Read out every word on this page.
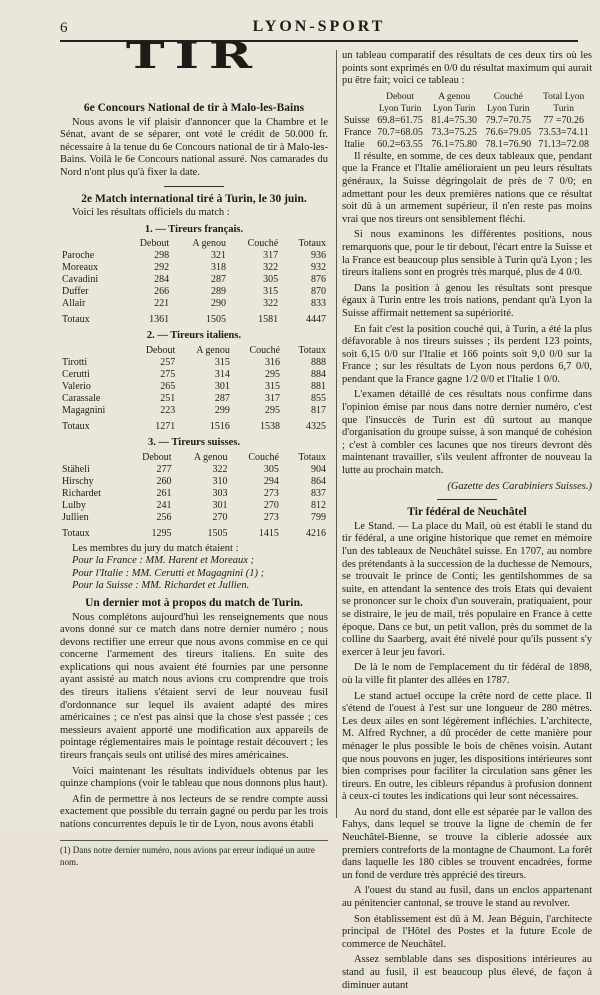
6	LYON-SPORT
TIR
6e Concours National de tir à Malo-les-Bains

Nous avons le vif plaisir d'annoncer que la Chambre et le Sénat, avant de se séparer, ont voté le crédit de 50.000 fr. nécessaire à la tenue du 6e Concours national de tir à Malo-les-Bains. Voilà le 6e Concours national assuré. Nos camarades du Nord n'ont plus qu'à fixer la date.

2e Match international tiré à Turin, le 30 juin.

Voici les résultats officiels du match :

1. — Tireurs français.
	Debout	A genou	Couché	Totaux
Paroche	298	321	317	936
Moreaux	292	318	322	932
Cavadini	284	287	305	876
Duffer	266	289	315	870
Allair	221	290	322	833
Totaux	1361	1505	1581	4447
2. — Tireurs italiens.
	Debout	A genou	Couché	Totaux
Tirotti	257	315	316	888
Cerutti	275	314	295	884
Valerio	265	301	315	881
Carassale	251	287	317	855
Magagnini	223	299	295	817
Totaux	1271	1516	1538	4325
3. — Tireurs suisses.
	Debout	A genou	Couché	Totaux
Stäheli	277	322	305	904
Hirschy	260	310	294	864
Richardet	261	303	273	837
Lulby	241	301	270	812
Jullien	256	270	273	799
Totaux	1295	1505	1415	4216
Les membres du jury du match étaient :
Pour la France : MM. Harent et Moreaux ;
Pour l'Italie : MM. Cerutti et Magagnini (1) ;
Pour la Suisse : MM. Richardet et Jullien.
Un dernier mot à propos du match de Turin.

Nous complétons aujourd'hui les renseignements que nous avons donné sur ce match dans notre dernier numéro ; nous devons rectifier une erreur que nous avons commise en ce qui concerne l'armement des tireurs italiens. En suite des explications qui nous avaient été fournies par une personne ayant assisté au match nous avions cru comprendre que trois des tireurs italiens s'étaient servi de leur nouveau fusil d'ordonnance sur lequel ils avaient adapté des mires américaines ; ce n'est pas ainsi que la chose s'est passée ; ces messieurs avaient apporté une modification aux appareils de pointage réglementaires mais le pointage restait découvert ; les tireurs français seuls ont utilisé des mires américaines.

Voici maintenant les résultats individuels obtenus par les quinze champions (voir le tableau que nous donnons plus haut).

Afin de permettre à nos lecteurs de se rendre compte aussi exactement que possible du terrain gagné ou perdu par les trois nations concurrentes depuis le tir de Lyon, nous avons établi

(1) Dans notre dernier numéro, nous avions par erreur indiqué un autre nom.

un tableau comparatif des résultats de ces deux tirs où les points sont exprimés en 0/0 du résultat maximum qui aurait pu être fait; voici ce tableau :

	Debout Lyon Turin	A genou Lyon Turin	Couché Lyon Turin	Total Lyon Turin
Suisse	69.8=61.75	81.4=75.30	79.7=70.75	77 =70.26
France	70.7=68.05	73.3=75.25	76.6=79.05	73.53=74.11
Italie	60.2=63.55	76.1=75.80	78.1=76.90	71.13=72.08

Il résulte, en somme, de ces deux tableaux que, pendant que la France et l'Italie amélioraient un peu leurs résultats généraux, la Suisse dégringolait de près de 7 0/0; en admettant pour les deux premières nations que ce résultat soit dû à un armement supérieur, il n'en reste pas moins vrai que nos tireurs ont sensiblement fléchi.

Si nous examinons les différentes positions, nous remarquons que, pour le tir debout, l'écart entre la Suisse et la France est beaucoup plus sensible à Turin qu'à Lyon ; les tireurs italiens sont en progrès très marqué, plus de 4 0/0.

Dans la position à genou les résultats sont presque égaux à Turin entre les trois nations, pendant qu'à Lyon la Suisse affirmait nettement sa supériorité.

En fait c'est la position couché qui, à Turin, a été la plus défavorable à nos tireurs suisses ; ils perdent 123 points, soit 6,15 0/0 sur l'Italie et 166 points soit 9,0 0/0 sur la France ; sur les résultats de Lyon nous perdons 6,7 0/0, pendant que la France gagne 1/2 0/0 et l'Italie 1 0/0.

L'examen détaillé de ces résultats nous confirme dans l'opinion émise par nous dans notre dernier numéro, c'est que l'insuccès de Turin est dû surtout au manque d'organisation du groupe suisse, à son manqué de cohésion ; c'est à combler ces lacunes que nos tireurs devront dès maintenant travailler, s'ils veulent affronter de nouveau la lutte au prochain match.

(Gazette des Carabiniers Suisses.)
Tir fédéral de Neuchâtel

Le Stand. — La place du Mail, où est établi le stand du tir fédéral, a une origine historique que remet en mémoire l'un des tableaux de Neuchâtel suisse. En 1707, au nombre des prétendants à la succession de la duchesse de Nemours, se trouvait le prince de Conti; les gentilshommes de sa suite, en attendant la sentence des trois Etats qui devaient se prononcer sur le choix d'un souverain, pratiquaient, pour se distraire, le jeu de mail, très populaire en France à cette époque. Dans ce but, un petit vallon, près du sommet de la colline du Saarberg, avait été nivelé pour qu'ils pussent s'y exercer à leur jeu favori.

De là le nom de l'emplacement du tir fédéral de 1898, où la ville fit planter des allées en 1787.

Le stand actuel occupe la crête nord de cette place. Il s'étend de l'ouest à l'est sur une longueur de 280 mètres. Les deux ailes en sont légèrement infléchies. L'architecte, M. Alfred Rychner, a dû procéder de cette manière pour ménager le plus possible le bois de chênes voisin. Autant que nous pouvons en juger, les dispositions intérieures sont bien comprises pour faciliter la circulation sans gêner les tireurs. En outre, les cibleurs répandus à profusion donnent à ceux-ci toutes les indications qui leur sont nécessaires.

Au nord du stand, dont elle est séparée par le vallon des Fahys, dans lequel se trouve la ligne de chemin de fer Neuchâtel-Bienne, se trouve la ciblerie adossée aux premiers contreforts de la montagne de Chaumont. La forêt dans laquelle les 180 cibles se trouvent encadrées, forme un fond de verdure très apprécié des tireurs.

A l'ouest du stand au fusil, dans un enclos appartenant au pénitencier cantonal, se trouve le stand au revolver.

Son établissement est dû à M. Jean Béguin, l'architecte principal de l'Hôtel des Postes et la future Ecole de commerce de Neuchâtel.

Assez semblable dans ses dispositions intérieures au stand au fusil, il est beaucoup plus élevé, de façon à diminuer autant
